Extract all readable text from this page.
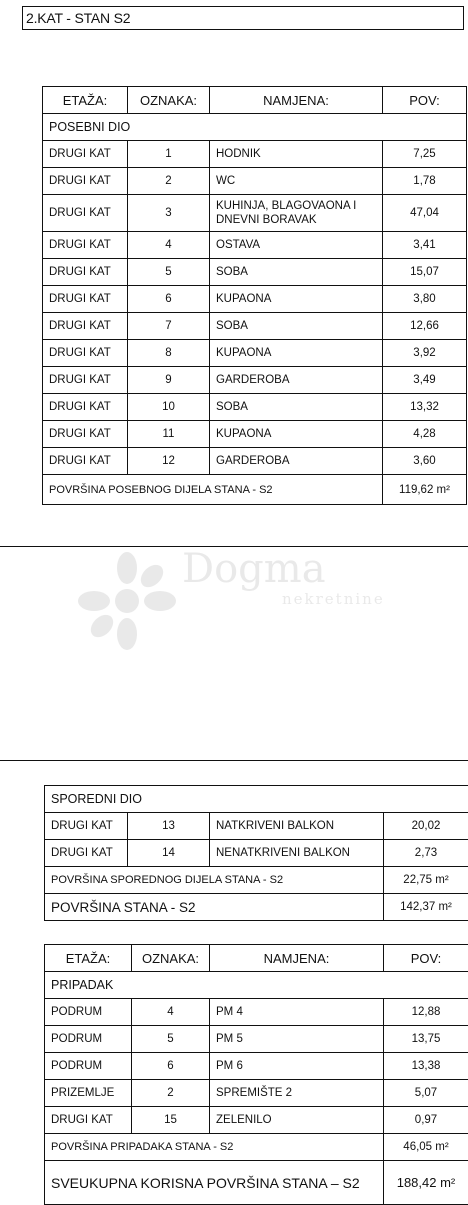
2.KAT - STAN S2
ETAŽA:	OZNAKA:	NAMJENA:	POV:
POSEBNI DIO			
DRUGI KAT	1	HODNIK	7,25
DRUGI KAT	2	WC	1,78
DRUGI KAT	3	KUHINJA, BLAGOVAONA I DNEVNI BORAVAK	47,04
DRUGI KAT	4	OSTAVA	3,41
DRUGI KAT	5	SOBA	15,07
DRUGI KAT	6	KUPAONA	3,80
DRUGI KAT	7	SOBA	12,66
DRUGI KAT	8	KUPAONA	3,92
DRUGI KAT	9	GARDEROBA	3,49
DRUGI KAT	10	SOBA	13,32
DRUGI KAT	11	KUPAONA	4,28
DRUGI KAT	12	GARDEROBA	3,60
POVRŠINA POSEBNOG DIJELA STANA - S2			119,62 m²
Dogma
nekretnine
SPOREDNI DIO			
DRUGI KAT	13	NATKRIVENI BALKON	20,02
DRUGI KAT	14	NENATKRIVENI BALKON	2,73
POVRŠINA SPOREDNOG DIJELA STANA - S2			22,75 m²
POVRŠINA STANA - S2			142,37 m²
ETAŽA:	OZNAKA:	NAMJENA:	POV:
PRIPADAK			
PODRUM	4	PM 4	12,88
PODRUM	5	PM 5	13,75
PODRUM	6	PM 6	13,38
PRIZEMLJE	2	SPREMIŠTE 2	5,07
DRUGI KAT	15	ZELENILO	0,97
POVRŠINA PRIPADAKA STANA - S2			46,05 m²
SVEUKUPNA KORISNA POVRŠINA STANA – S2			188,42 m²
